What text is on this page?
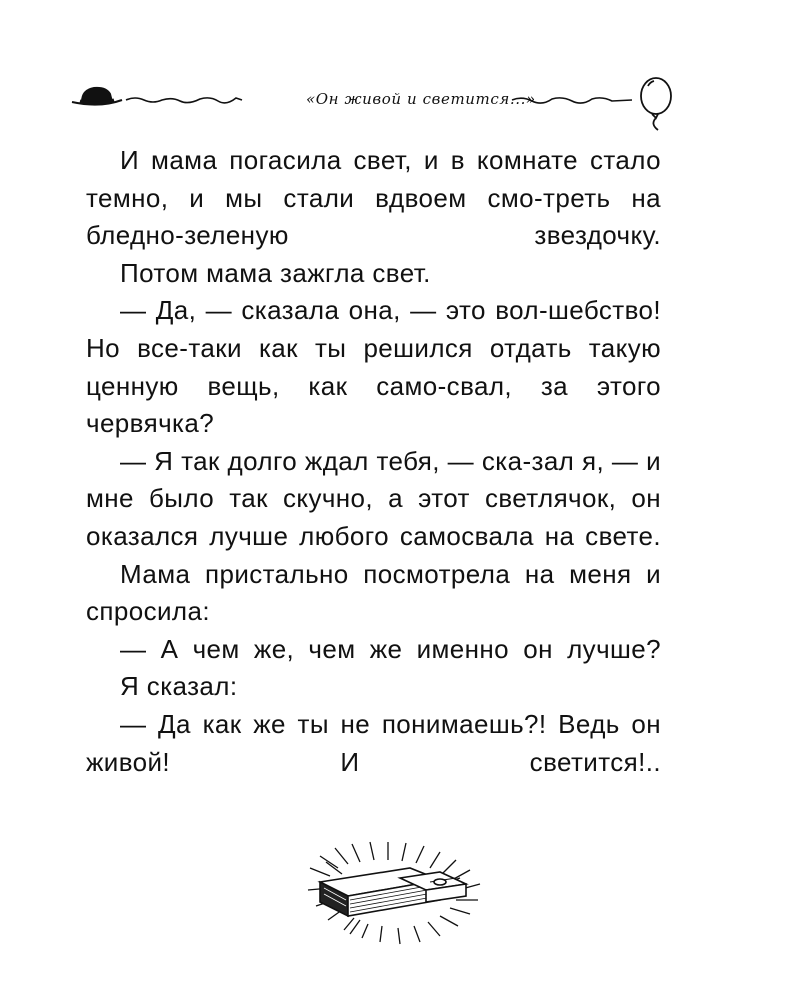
«Он живой и светится...»

И мама погасила свет, и в комнате стало темно, и мы стали вдвоем смо-треть на бледно-зеленую звездочку.

Потом мама зажгла свет.

— Да, — сказала она, — это вол-шебство! Но все-таки как ты решился отдать такую ценную вещь, как само-свал, за этого червячка?

— Я так долго ждал тебя, — ска-зал я, — и мне было так скучно, а этот светлячок, он оказался лучше любого самосвала на свете.

Мама пристально посмотрела на меня и спросила:

— А чем же, чем же именно он лучше?

Я сказал:

— Да как же ты не понимаешь?! Ведь он живой! И светится!..
